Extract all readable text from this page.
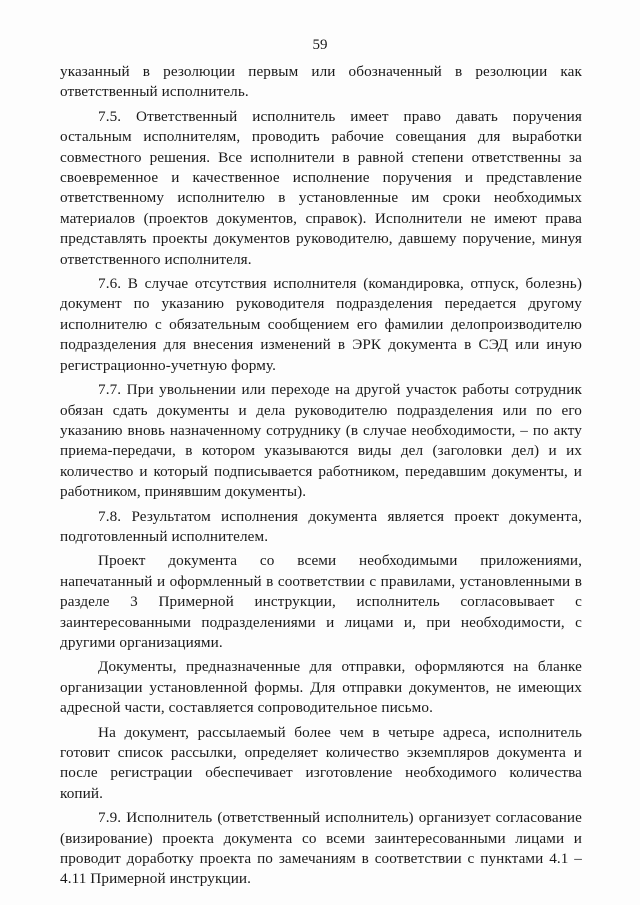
59

указанный в резолюции первым или обозначенный в резолюции как ответственный исполнитель.

7.5. Ответственный исполнитель имеет право давать поручения остальным исполнителям, проводить рабочие совещания для выработки совместного решения. Все исполнители в равной степени ответственны за своевременное и качественное исполнение поручения и представление ответственному исполнителю в установленные им сроки необходимых материалов (проектов документов, справок). Исполнители не имеют права представлять проекты документов руководителю, давшему поручение, минуя ответственного исполнителя.

7.6. В случае отсутствия исполнителя (командировка, отпуск, болезнь) документ по указанию руководителя подразделения передается другому исполнителю с обязательным сообщением его фамилии делопроизводителю подразделения для внесения изменений в ЭРК документа в СЭД или иную регистрационно-учетную форму.

7.7. При увольнении или переходе на другой участок работы сотрудник обязан сдать документы и дела руководителю подразделения или по его указанию вновь назначенному сотруднику (в случае необходимости, – по акту приема-передачи, в котором указываются виды дел (заголовки дел) и их количество и который подписывается работником, передавшим документы, и работником, принявшим документы).

7.8. Результатом исполнения документа является проект документа, подготовленный исполнителем.

Проект документа со всеми необходимыми приложениями, напечатанный и оформленный в соответствии с правилами, установленными в разделе 3 Примерной инструкции, исполнитель согласовывает с заинтересованными подразделениями и лицами и, при необходимости, с другими организациями.

Документы, предназначенные для отправки, оформляются на бланке организации установленной формы. Для отправки документов, не имеющих адресной части, составляется сопроводительное письмо.

На документ, рассылаемый более чем в четыре адреса, исполнитель готовит список рассылки, определяет количество экземпляров документа и после регистрации обеспечивает изготовление необходимого количества копий.

7.9. Исполнитель (ответственный исполнитель) организует согласование (визирование) проекта документа со всеми заинтересованными лицами и проводит доработку проекта по замечаниям в соответствии с пунктами 4.1 – 4.11 Примерной инструкции.
